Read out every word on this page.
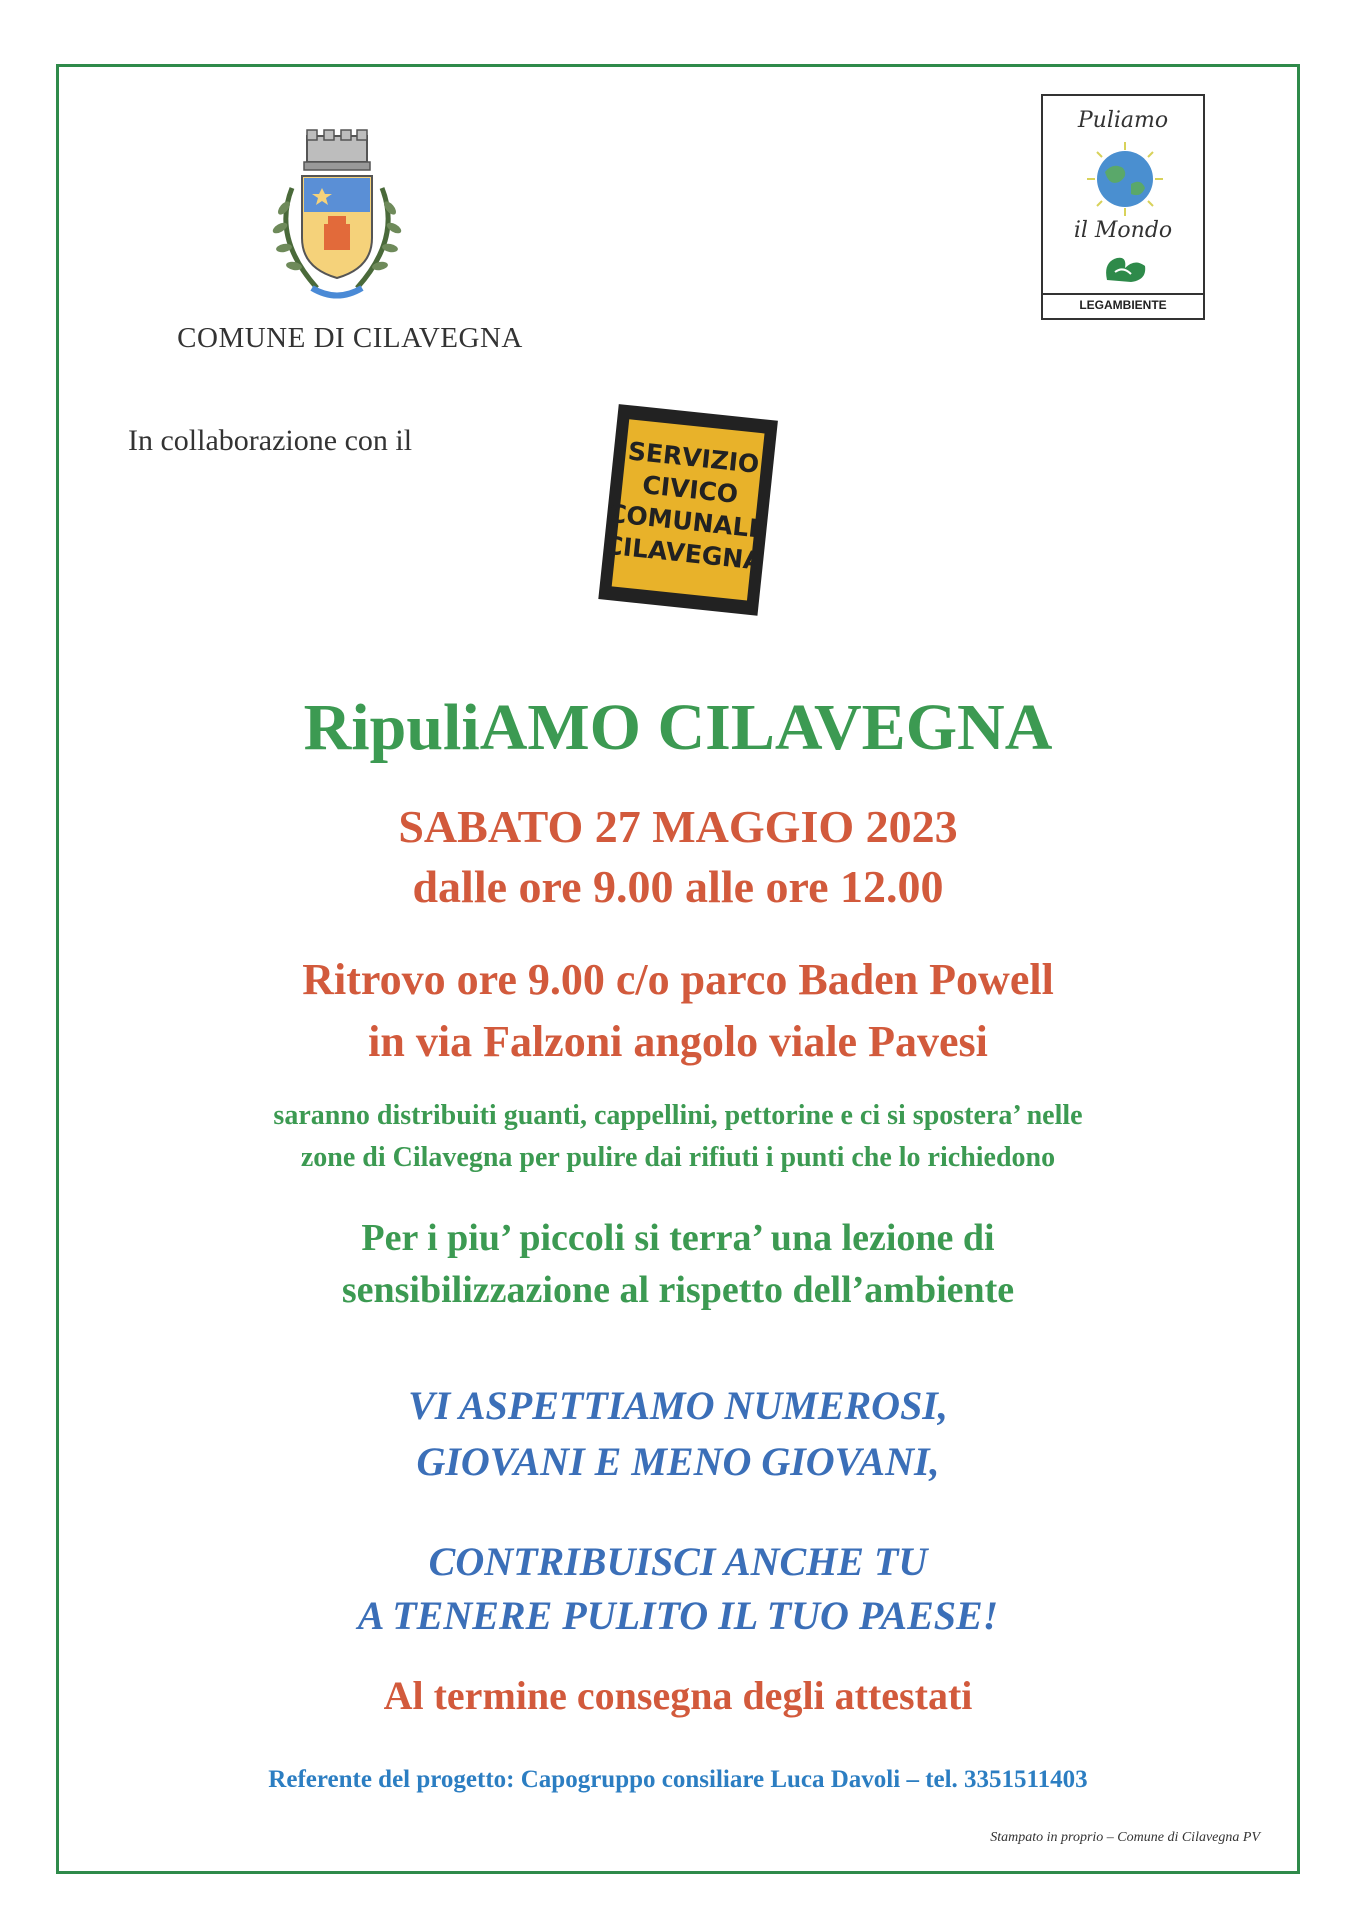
COMUNE DI CILAVEGNA
Puliamo
il Mondo
LEGAMBIENTE
In collaborazione con il	SERVIZIO
CIVICO
COMUNALE
CILAVEGNA
RipuliAMO CILAVEGNA
SABATO 27 MAGGIO 2023
dalle ore 9.00 alle ore 12.00
Ritrovo ore 9.00 c/o parco Baden Powell
in via Falzoni angolo viale Pavesi
saranno distribuiti guanti, cappellini, pettorine e ci si spostera’ nelle
zone di Cilavegna per pulire dai rifiuti i punti che lo richiedono
Per i piu’ piccoli si terra’ una lezione di
sensibilizzazione al rispetto dell’ambiente
VI ASPETTIAMO NUMEROSI,
GIOVANI E MENO GIOVANI,
CONTRIBUISCI ANCHE TU
A TENERE PULITO IL TUO PAESE!
Al termine consegna degli attestati
Referente del progetto: Capogruppo consiliare Luca Davoli – tel. 3351511403
Stampato in proprio – Comune di Cilavegna PV
